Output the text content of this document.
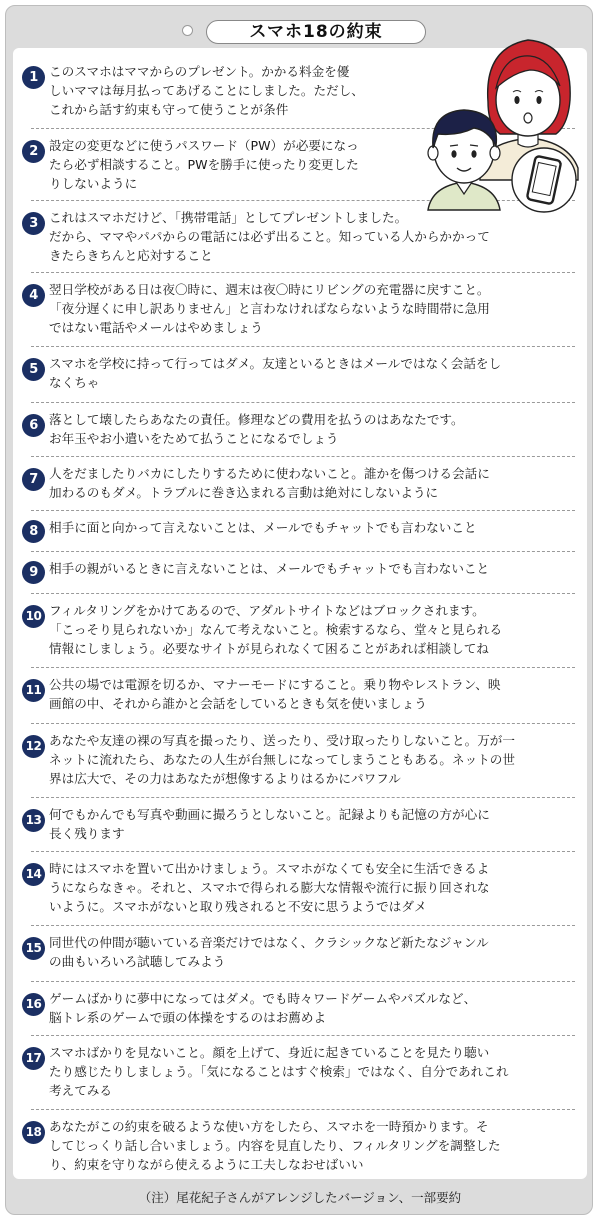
スマホ18の約束
1 このスマホはママからのプレゼント。かかる料金を優
しいママは毎月払ってあげることにしました。ただし、
これから話す約束も守って使うことが条件
2 設定の変更などに使うパスワード（PW）が必要になっ
たら必ず相談すること。PWを勝手に使ったり変更した
りしないように
3 これはスマホだけど、「携帯電話」としてプレゼントしました。
だから、ママやパパからの電話には必ず出ること。知っている人からかかって
きたらきちんと応対すること
4 翌日学校がある日は夜〇時に、週末は夜〇時にリビングの充電器に戻すこと。
「夜分遅くに申し訳ありません」と言わなければならないような時間帯に急用
ではない電話やメールはやめましょう
5 スマホを学校に持って行ってはダメ。友達といるときはメールではなく会話をし
なくちゃ
6 落として壊したらあなたの責任。修理などの費用を払うのはあなたです。
お年玉やお小遣いをためて払うことになるでしょう
7 人をだましたりバカにしたりするために使わないこと。誰かを傷つける会話に
加わるのもダメ。トラブルに巻き込まれる言動は絶対にしないように
8 相手に面と向かって言えないことは、メールでもチャットでも言わないこと
9 相手の親がいるときに言えないことは、メールでもチャットでも言わないこと
10 フィルタリングをかけてあるので、アダルトサイトなどはブロックされます。
「こっそり見られないか」なんて考えないこと。検索するなら、堂々と見られる
情報にしましょう。必要なサイトが見られなくて困ることがあれば相談してね
11 公共の場では電源を切るか、マナーモードにすること。乗り物やレストラン、映
画館の中、それから誰かと会話をしているときも気を使いましょう
12 あなたや友達の裸の写真を撮ったり、送ったり、受け取ったりしないこと。万が一
ネットに流れたら、あなたの人生が台無しになってしまうこともある。ネットの世
界は広大で、その力はあなたが想像するよりはるかにパワフル
13 何でもかんでも写真や動画に撮ろうとしないこと。記録よりも記憶の方が心に
長く残ります
14 時にはスマホを置いて出かけましょう。スマホがなくても安全に生活できるよ
うにならなきゃ。それと、スマホで得られる膨大な情報や流行に振り回されな
いように。スマホがないと取り残されると不安に思うようではダメ
15 同世代の仲間が聴いている音楽だけではなく、クラシックなど新たなジャンル
の曲もいろいろ試聴してみよう
16 ゲームばかりに夢中になってはダメ。でも時々ワードゲームやパズルなど、
脳トレ系のゲームで頭の体操をするのはお薦めよ
17 スマホばかりを見ないこと。顔を上げて、身近に起きていることを見たり聴い
たり感じたりしましょう。「気になることはすぐ検索」ではなく、自分であれこれ
考えてみる
18 あなたがこの約束を破るような使い方をしたら、スマホを一時預かります。そ
してじっくり話し合いましょう。内容を見直したり、フィルタリングを調整した
り、約束を守りながら使えるように工夫しなおせばいい
（注）尾花紀子さんがアレンジしたバージョン、一部要約
